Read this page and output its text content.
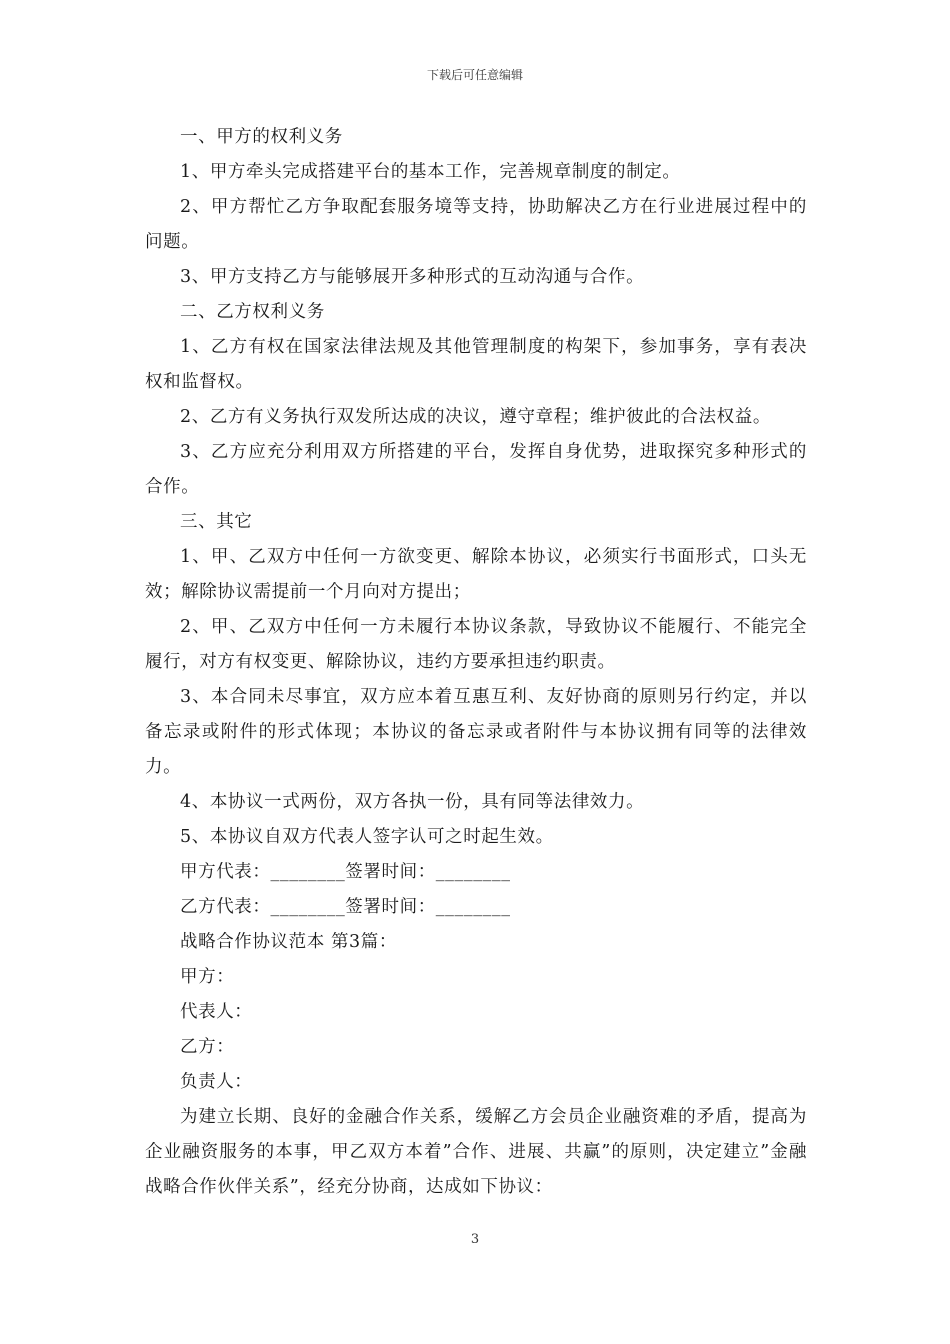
下载后可任意编辑

一、甲方的权利义务

1、甲方牵头完成搭建平台的基本工作，完善规章制度的制定。

2、甲方帮忙乙方争取配套服务境等支持，协助解决乙方在行业进展过程中的问题。

3、甲方支持乙方与能够展开多种形式的互动沟通与合作。

二、乙方权利义务

1、乙方有权在国家法律法规及其他管理制度的构架下，参加事务，享有表决权和监督权。

2、乙方有义务执行双发所达成的决议，遵守章程；维护彼此的合法权益。

3、乙方应充分利用双方所搭建的平台，发挥自身优势，进取探究多种形式的合作。

三、其它

1、甲、乙双方中任何一方欲变更、解除本协议，必须实行书面形式，口头无效；解除协议需提前一个月向对方提出；

2、甲、乙双方中任何一方未履行本协议条款，导致协议不能履行、不能完全履行，对方有权变更、解除协议，违约方要承担违约职责。

3、本合同未尽事宜，双方应本着互惠互利、友好协商的原则另行约定，并以备忘录或附件的形式体现；本协议的备忘录或者附件与本协议拥有同等的法律效力。

4、本协议一式两份，双方各执一份，具有同等法律效力。

5、本协议自双方代表人签字认可之时起生效。

甲方代表：________签署时间：________

乙方代表：________签署时间：________

战略合作协议范本 第3篇：

甲方：

代表人：

乙方：

负责人：

为建立长期、良好的金融合作关系，缓解乙方会员企业融资难的矛盾，提高为企业融资服务的本事，甲乙双方本着”合作、进展、共赢”的原则，决定建立”金融战略合作伙伴关系”，经充分协商，达成如下协议：

3
